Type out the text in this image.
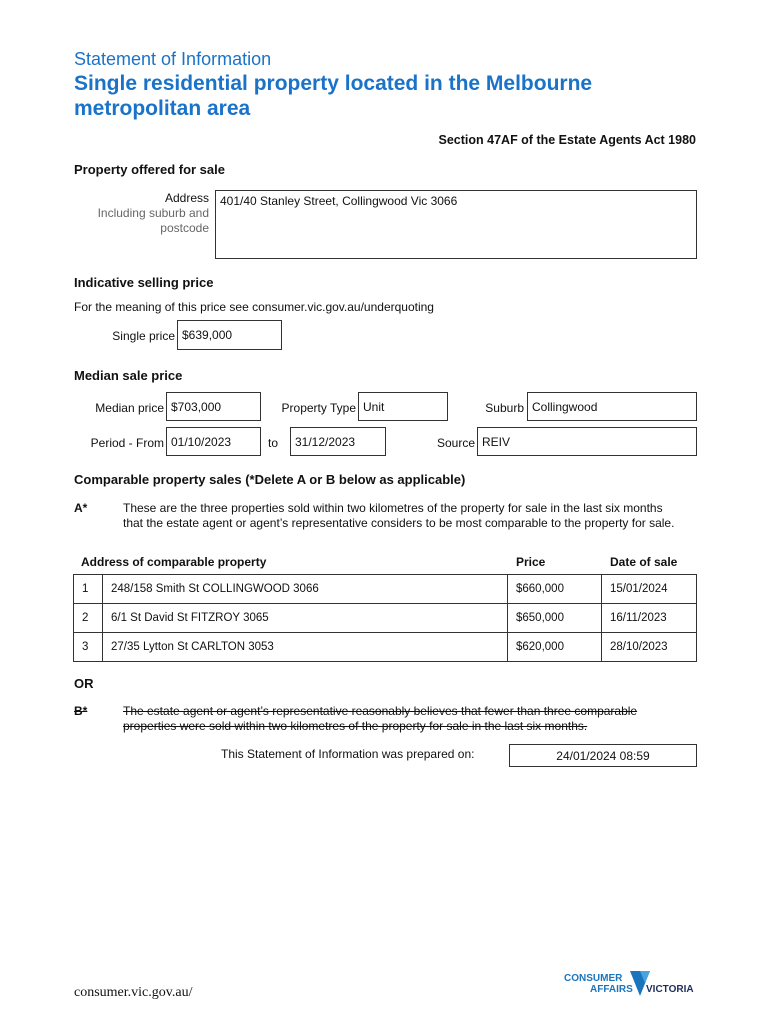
Statement of Information
Single residential property located in the Melbourne metropolitan area
Section 47AF of the Estate Agents Act 1980
Property offered for sale
Address
Including suburb and
postcode
401/40 Stanley Street, Collingwood Vic 3066
Indicative selling price
For the meaning of this price see consumer.vic.gov.au/underquoting
Single price $639,000
Median sale price
Median price $703,000	Property Type Unit	Suburb Collingwood
Period - From 01/10/2023	to	31/12/2023	Source REIV
Comparable property sales (*Delete A or B below as applicable)
A*	These are the three properties sold within two kilometres of the property for sale in the last six months that the estate agent or agent’s representative considers to be most comparable to the property for sale.
Address of comparable property	Price	Date of sale
1	248/158 Smith St COLLINGWOOD 3066	$660,000	15/01/2024
2	6/1 St David St FITZROY 3065	$650,000	16/11/2023
3	27/35 Lytton St CARLTON 3053	$620,000	28/10/2023
OR
B*	The estate agent or agent’s representative reasonably believes that fewer than three comparable properties were sold within two kilometres of the property for sale in the last six months.
This Statement of Information was prepared on:	24/01/2024 08:59
consumer.vic.gov.au/
CONSUMER
AFFAIRS VICTORIA
